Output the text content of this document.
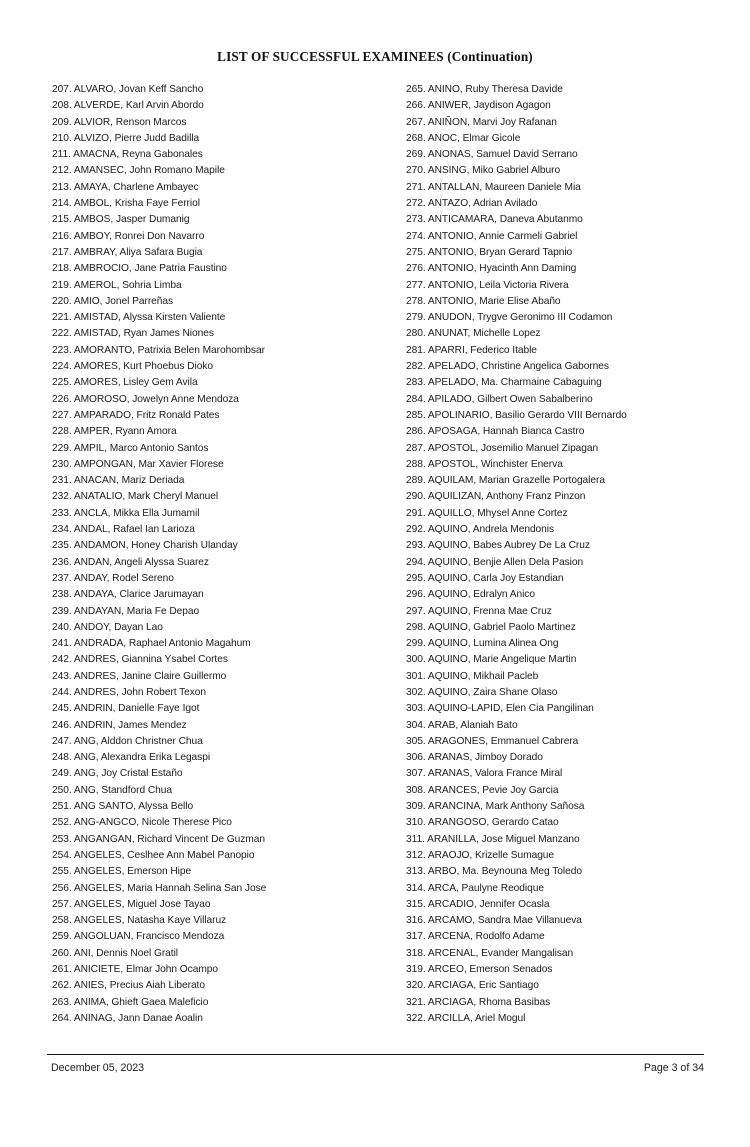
LIST OF SUCCESSFUL EXAMINEES (Continuation)
207. ALVARO, Jovan Keff Sancho
208. ALVERDE, Karl Arvin Abordo
209. ALVIOR, Renson Marcos
210. ALVIZO, Pierre Judd Badilla
211. AMACNA, Reyna Gabonales
212. AMANSEC, John Romano Mapile
213. AMAYA, Charlene Ambayec
214. AMBOL, Krisha Faye Ferriol
215. AMBOS, Jasper Dumanig
216. AMBOY, Ronrei Don Navarro
217. AMBRAY, Aliya Safara Bugia
218. AMBROCIO, Jane Patria Faustino
219. AMEROL, Sohria Limba
220. AMIO, Jonel Parreñas
221. AMISTAD, Alyssa Kirsten Valiente
222. AMISTAD, Ryan James Niones
223. AMORANTO, Patrixia Belen Marohombsar
224. AMORES, Kurt Phoebus Dioko
225. AMORES, Lisley Gem Avila
226. AMOROSO, Jowelyn Anne Mendoza
227. AMPARADO, Fritz Ronald Pates
228. AMPER, Ryann Amora
229. AMPIL, Marco Antonio Santos
230. AMPONGAN, Mar Xavier Florese
231. ANACAN, Mariz Deriada
232. ANATALIO, Mark Cheryl Manuel
233. ANCLA, Mikka Ella Jumamil
234. ANDAL, Rafael Ian Larioza
235. ANDAMON, Honey Charish Ulanday
236. ANDAN, Angeli Alyssa Suarez
237. ANDAY, Rodel Sereno
238. ANDAYA, Clarice Jarumayan
239. ANDAYAN, Maria Fe Depao
240. ANDOY, Dayan Lao
241. ANDRADA, Raphael Antonio Magahum
242. ANDRES, Giannina Ysabel Cortes
243. ANDRES, Janine Claire Guillermo
244. ANDRES, John Robert Texon
245. ANDRIN, Danielle Faye Igot
246. ANDRIN, James Mendez
247. ANG, Alddon Christner Chua
248. ANG, Alexandra Erika Legaspi
249. ANG, Joy Cristal Estaño
250. ANG, Standford Chua
251. ANG SANTO, Alyssa Bello
252. ANG-ANGCO, Nicole Therese Pico
253. ANGANGAN, Richard Vincent De Guzman
254. ANGELES, Ceslhee Ann Mabel Panopio
255. ANGELES, Emerson Hipe
256. ANGELES, Maria Hannah Selina San Jose
257. ANGELES, Miguel Jose Tayao
258. ANGELES, Natasha Kaye Villaruz
259. ANGOLUAN, Francisco Mendoza
260. ANI, Dennis Noel Gratil
261. ANICIETE, Elmar John Ocampo
262. ANIES, Precius Aiah Liberato
263. ANIMA, Ghieft Gaea Maleficio
264. ANINAG, Jann Danae Aoalin
265. ANINO, Ruby Theresa Davide
266. ANIWER, Jaydison Agagon
267. ANIÑON, Marvi Joy Rafanan
268. ANOC, Elmar Gicole
269. ANONAS, Samuel David Serrano
270. ANSING, Miko Gabriel Alburo
271. ANTALLAN, Maureen Daniele Mia
272. ANTAZO, Adrian Avilado
273. ANTICAMARA, Daneva Abutanmo
274. ANTONIO, Annie Carmeli Gabriel
275. ANTONIO, Bryan Gerard Tapnio
276. ANTONIO, Hyacinth Ann Daming
277. ANTONIO, Leila Victoria Rivera
278. ANTONIO, Marie Elise Abaño
279. ANUDON, Trygve Geronimo III Codamon
280. ANUNAT, Michelle Lopez
281. APARRI, Federico Itable
282. APELADO, Christine Angelica Gabornes
283. APELADO, Ma. Charmaine Cabaguing
284. APILADO, Gilbert Owen Sabalberino
285. APOLINARIO, Basilio Gerardo VIII Bernardo
286. APOSAGA, Hannah Bianca Castro
287. APOSTOL, Josemilio Manuel Zipagan
288. APOSTOL, Winchister Enerva
289. AQUILAM, Marian Grazelle Portogalera
290. AQUILIZAN, Anthony Franz Pinzon
291. AQUILLO, Mhysel Anne Cortez
292. AQUINO, Andrela Mendonis
293. AQUINO, Babes Aubrey De La Cruz
294. AQUINO, Benjie Allen Dela Pasion
295. AQUINO, Carla Joy Estandian
296. AQUINO, Edralyn Anico
297. AQUINO, Frenna Mae Cruz
298. AQUINO, Gabriel Paolo Martinez
299. AQUINO, Lumina Alinea Ong
300. AQUINO, Marie Angelique Martin
301. AQUINO, Mikhail Pacleb
302. AQUINO, Zaira Shane Olaso
303. AQUINO-LAPID, Elen Cia Pangilinan
304. ARAB, Alaniah Bato
305. ARAGONES, Emmanuel Cabrera
306. ARANAS, Jimboy Dorado
307. ARANAS, Valora France Miral
308. ARANCES, Pevie Joy Garcia
309. ARANCINA, Mark Anthony Sañosa
310. ARANGOSO, Gerardo Catao
311. ARANILLA, Jose Miguel Manzano
312. ARAOJO, Krizelle Sumague
313. ARBO, Ma. Beynouna Meg Toledo
314. ARCA, Paulyne Reodique
315. ARCADIO, Jennifer Ocasla
316. ARCAMO, Sandra Mae Villanueva
317. ARCENA, Rodolfo Adame
318. ARCENAL, Evander Mangalisan
319. ARCEO, Emerson Senados
320. ARCIAGA, Eric Santiago
321. ARCIAGA, Rhoma Basibas
322. ARCILLA, Ariel Mogul
December 05, 2023	Page 3 of 34
